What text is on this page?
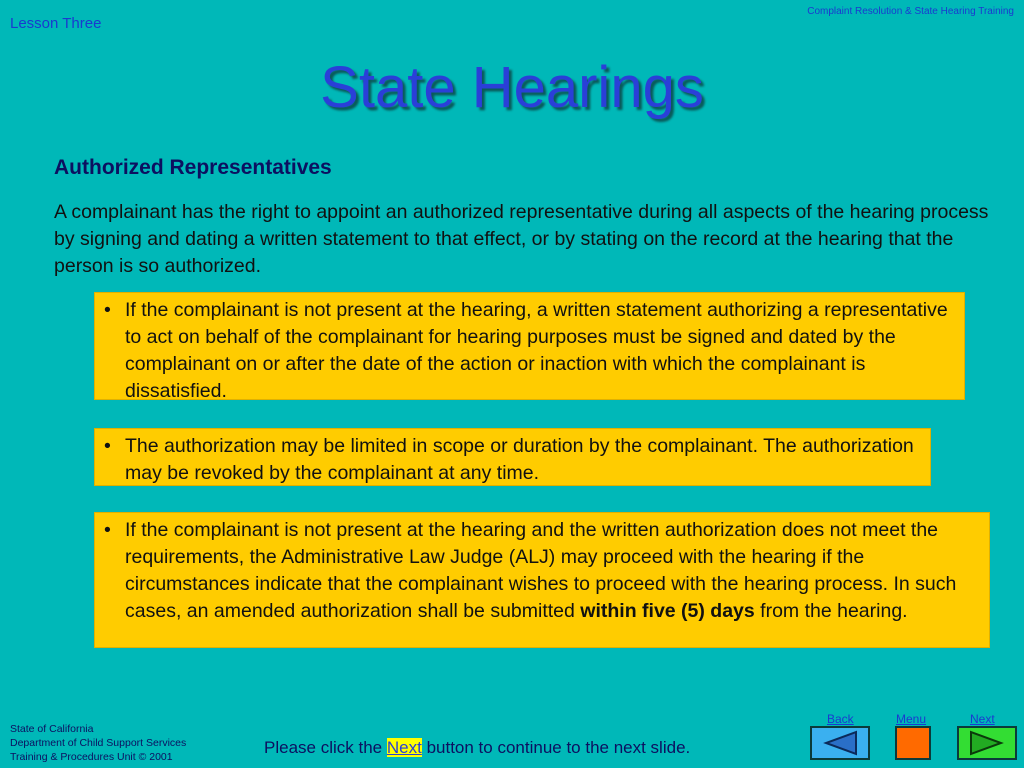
Lesson Three
Complaint Resolution & State Hearing Training
State Hearings
Authorized Representatives
A complainant has the right to appoint an authorized representative during all aspects of the hearing process by signing and dating a written statement to that effect, or by stating on the record at the hearing that the person is so authorized.
• If the complainant is not present at the hearing, a written statement authorizing a representative to act on behalf of the complainant for hearing purposes must be signed and dated by the complainant on or after the date of the action or inaction with which the complainant is dissatisfied.
• The authorization may be limited in scope or duration by the complainant. The authorization may be revoked by the complainant at any time.
• If the complainant is not present at the hearing and the written authorization does not meet the requirements, the Administrative Law Judge (ALJ) may proceed with the hearing if the circumstances indicate that the complainant wishes to proceed with the hearing process. In such cases, an amended authorization shall be submitted within five (5) days from the hearing.
State of California
Department of Child Support Services
Training & Procedures Unit © 2001	Please click the Next button to continue to the next slide.
Back	Menu	Next
